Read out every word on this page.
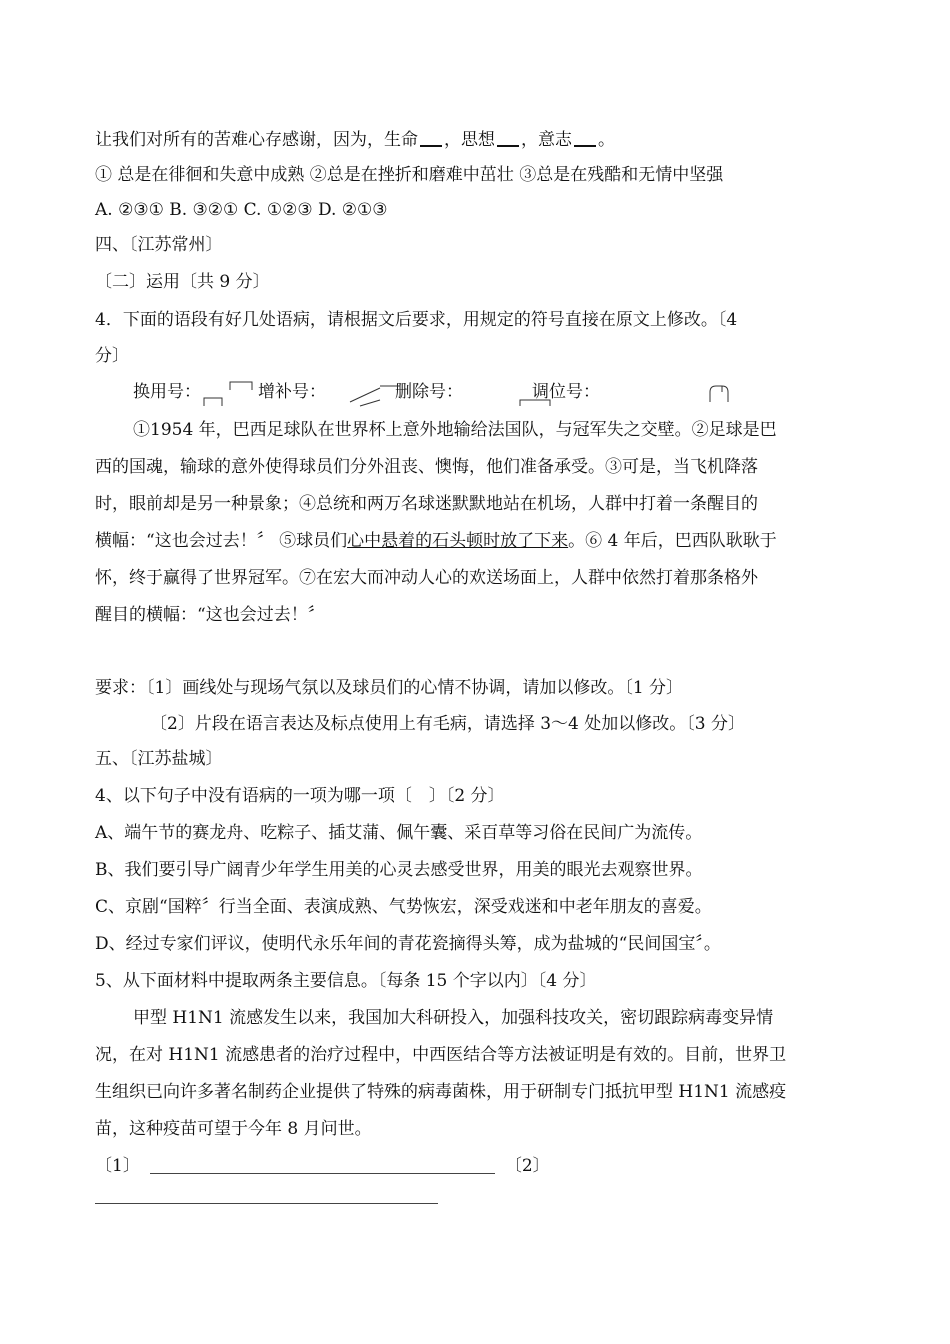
让我们对所有的苦难心存感谢，因为，生命 ，思想 ，意志 。
① 总是在徘徊和失意中成熟 ②总是在挫折和磨难中茁壮 ③总是在残酷和无情中坚强
A. ②③① B. ③②① C. ①②③ D. ②①③
四、〔江苏常州〕
〔二〕运用〔共 9 分〕
4．下面的语段有好几处语病，请根据文后要求，用规定的符号直接在原文上修改。〔4
分〕
换用号：	增补号：	删除号：	调位号：
①1954 年，巴西足球队在世界杯上意外地输给法国队，与冠军失之交壁。②足球是巴
西的国魂，输球的意外使得球员们分外沮丧、懊悔，他们准备承受。③可是，当飞机降落
时，眼前却是另一种景象；④总统和两万名球迷默默地站在机场，人群中打着一条醒目的
横幅：“这也会过去！〞 ⑤球员们心中悬着的石头顿时放了下来。⑥ 4 年后，巴西队耿耿于
怀，终于赢得了世界冠军。⑦在宏大而冲动人心的欢送场面上，人群中依然打着那条格外
醒目的横幅：“这也会过去！〞
要求：〔1〕画线处与现场气氛以及球员们的心情不协调，请加以修改。〔1 分〕
〔2〕片段在语言表达及标点使用上有毛病，请选择 3～4 处加以修改。〔3 分〕
五、〔江苏盐城〕
4、以下句子中没有语病的一项为哪一项〔　〕〔2 分〕
A、端午节的赛龙舟、吃粽子、插艾蒲、佩午囊、采百草等习俗在民间广为流传。
B、我们要引导广阔青少年学生用美的心灵去感受世界，用美的眼光去观察世界。
C、京剧“国粹〞行当全面、表演成熟、气势恢宏，深受戏迷和中老年朋友的喜爱。
D、经过专家们评议，使明代永乐年间的青花瓷摘得头筹，成为盐城的“民间国宝〞。
5、从下面材料中提取两条主要信息。〔每条 15 个字以内〕〔4 分〕
甲型 H1N1 流感发生以来，我国加大科研投入，加强科技攻关，密切跟踪病毒变异情
况，在对 H1N1 流感患者的治疗过程中，中西医结合等方法被证明是有效的。目前，世界卫
生组织已向许多著名制药企业提供了特殊的病毒菌株，用于研制专门抵抗甲型 H1N1 流感疫
苗，这种疫苗可望于今年 8 月问世。
〔1〕	〔2〕
